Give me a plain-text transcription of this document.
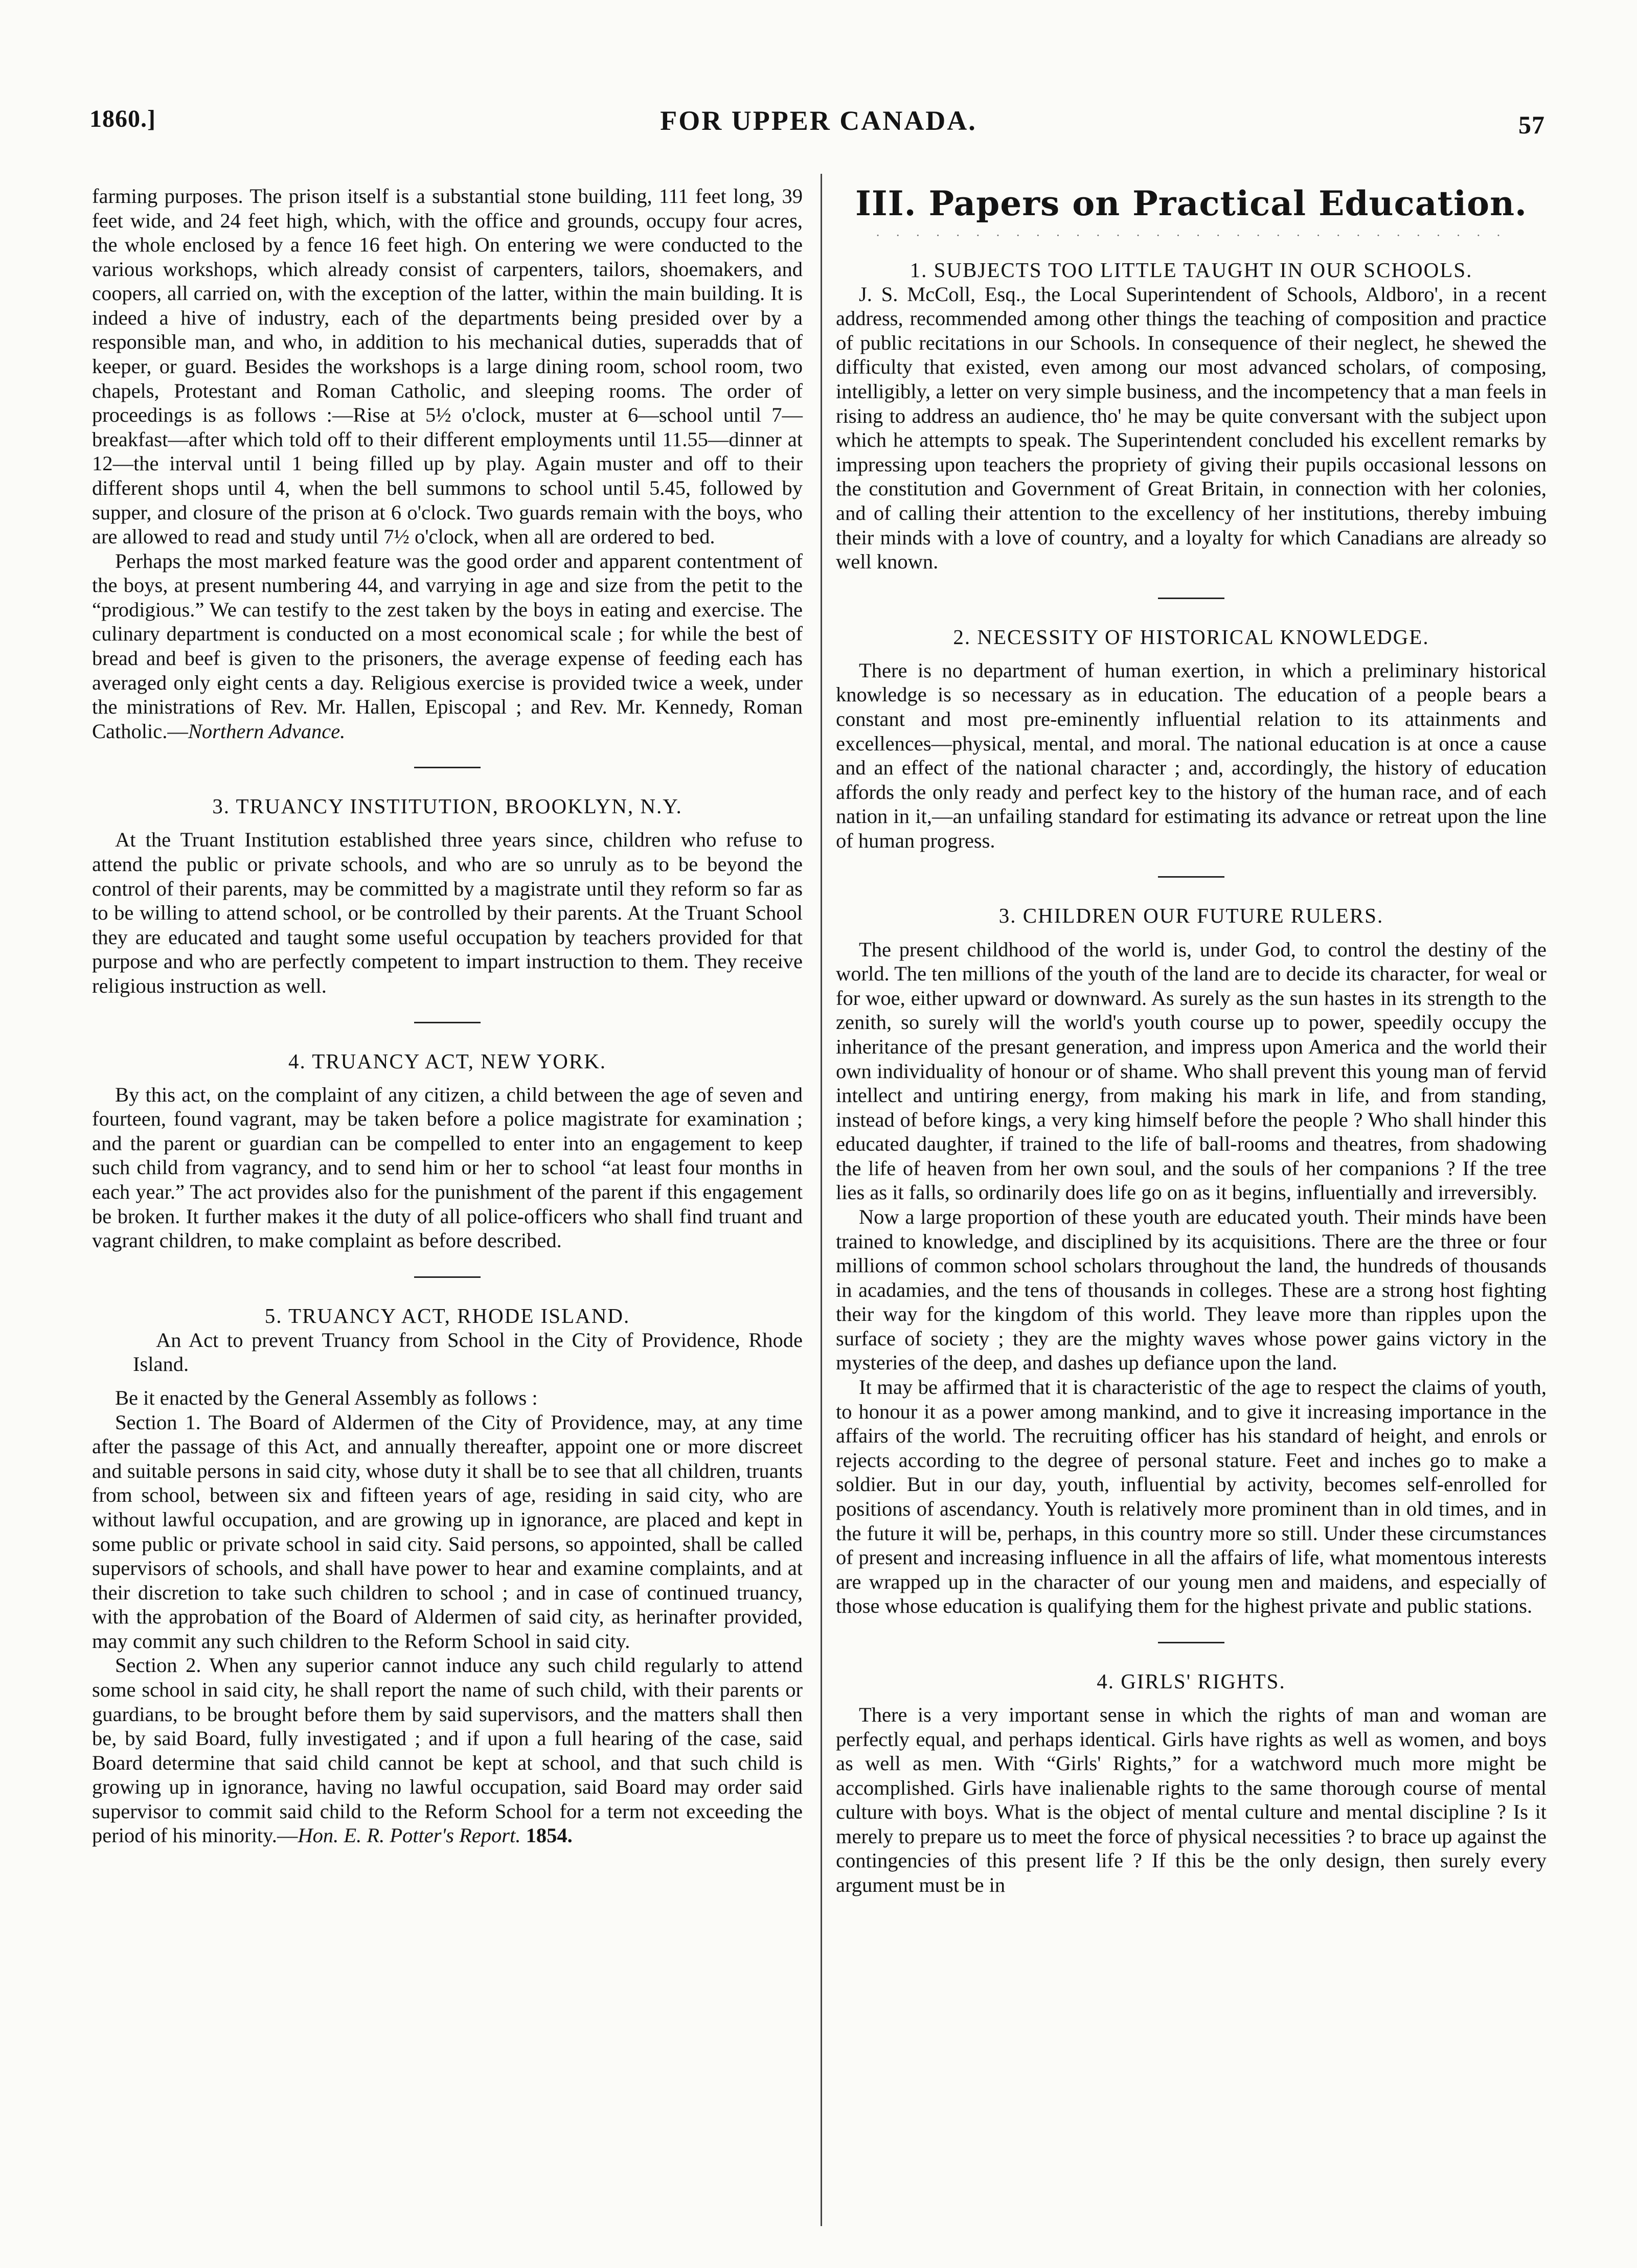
1860.]	FOR UPPER CANADA.	57

farming purposes. The prison itself is a substantial stone building, 111 feet long, 39 feet wide, and 24 feet high, which, with the office and grounds, occupy four acres, the whole enclosed by a fence 16 feet high. On entering we were conducted to the various workshops, which already consist of carpenters, tailors, shoemakers, and coopers, all carried on, with the exception of the latter, within the main building. It is indeed a hive of industry, each of the departments being presided over by a responsible man, and who, in addition to his mechanical duties, superadds that of keeper, or guard. Besides the workshops is a large dining room, school room, two chapels, Protestant and Roman Catholic, and sleeping rooms. The order of proceedings is as follows :—Rise at 5½ o'clock, muster at 6—school until 7—breakfast—after which told off to their different employments until 11.55—dinner at 12—the interval until 1 being filled up by play. Again muster and off to their different shops until 4, when the bell summons to school until 5.45, followed by supper, and closure of the prison at 6 o'clock. Two guards remain with the boys, who are allowed to read and study until 7½ o'clock, when all are ordered to bed.

Perhaps the most marked feature was the good order and apparent contentment of the boys, at present numbering 44, and varrying in age and size from the petit to the “prodigious.” We can testify to the zest taken by the boys in eating and exercise. The culinary department is conducted on a most economical scale ; for while the best of bread and beef is given to the prisoners, the average expense of feeding each has averaged only eight cents a day. Religious exercise is provided twice a week, under the ministrations of Rev. Mr. Hallen, Episcopal ; and Rev. Mr. Kennedy, Roman Catholic.—Northern Advance.

3. TRUANCY INSTITUTION, BROOKLYN, N.Y.

At the Truant Institution established three years since, children who refuse to attend the public or private schools, and who are so unruly as to be beyond the control of their parents, may be committed by a magistrate until they reform so far as to be willing to attend school, or be controlled by their parents. At the Truant School they are educated and taught some useful occupation by teachers provided for that purpose and who are perfectly competent to impart instruction to them. They receive religious instruction as well.

4. TRUANCY ACT, NEW YORK.

By this act, on the complaint of any citizen, a child between the age of seven and fourteen, found vagrant, may be taken before a police magistrate for examination ; and the parent or guardian can be compelled to enter into an engagement to keep such child from vagrancy, and to send him or her to school “at least four months in each year.” The act provides also for the punishment of the parent if this engagement be broken. It further makes it the duty of all police-officers who shall find truant and vagrant children, to make complaint as before described.

5. TRUANCY ACT, RHODE ISLAND.

An Act to prevent Truancy from School in the City of Providence, Rhode Island.

Be it enacted by the General Assembly as follows :

Section 1. The Board of Aldermen of the City of Providence, may, at any time after the passage of this Act, and annually thereafter, appoint one or more discreet and suitable persons in said city, whose duty it shall be to see that all children, truants from school, between six and fifteen years of age, residing in said city, who are without lawful occupation, and are growing up in ignorance, are placed and kept in some public or private school in said city. Said persons, so appointed, shall be called supervisors of schools, and shall have power to hear and examine complaints, and at their discretion to take such children to school ; and in case of continued truancy, with the approbation of the Board of Aldermen of said city, as herinafter provided, may commit any such children to the Reform School in said city.

Section 2. When any superior cannot induce any such child regularly to attend some school in said city, he shall report the name of such child, with their parents or guardians, to be brought before them by said supervisors, and the matters shall then be, by said Board, fully investigated ; and if upon a full hearing of the case, said Board determine that said child cannot be kept at school, and that such child is growing up in ignorance, having no lawful occupation, said Board may order said supervisor to commit said child to the Reform School for a term not exceeding the period of his minority.—Hon. E. R. Potter's Report. 1854.

III. Papers on Practical Education.
· · · · · · · · · · · · · · · · · · · · · · · · · · · · · · · ·
1. SUBJECTS TOO LITTLE TAUGHT IN OUR SCHOOLS.

J. S. McColl, Esq., the Local Superintendent of Schools, Aldboro', in a recent address, recommended among other things the teaching of composition and practice of public recitations in our Schools. In consequence of their neglect, he shewed the difficulty that existed, even among our most advanced scholars, of composing, intelligibly, a letter on very simple business, and the incompetency that a man feels in rising to address an audience, tho' he may be quite conversant with the subject upon which he attempts to speak. The Superintendent concluded his excellent remarks by impressing upon teachers the propriety of giving their pupils occasional lessons on the constitution and Government of Great Britain, in connection with her colonies, and of calling their attention to the excellency of her institutions, thereby imbuing their minds with a love of country, and a loyalty for which Canadians are already so well known.

2. NECESSITY OF HISTORICAL KNOWLEDGE.

There is no department of human exertion, in which a preliminary historical knowledge is so necessary as in education. The education of a people bears a constant and most pre-eminently influential relation to its attainments and excellences—physical, mental, and moral. The national education is at once a cause and an effect of the national character ; and, accordingly, the history of education affords the only ready and perfect key to the history of the human race, and of each nation in it,—an unfailing standard for estimating its advance or retreat upon the line of human progress.

3. CHILDREN OUR FUTURE RULERS.

The present childhood of the world is, under God, to control the destiny of the world. The ten millions of the youth of the land are to decide its character, for weal or for woe, either upward or downward. As surely as the sun hastes in its strength to the zenith, so surely will the world's youth course up to power, speedily occupy the inheritance of the presant generation, and impress upon America and the world their own individuality of honour or of shame. Who shall prevent this young man of fervid intellect and untiring energy, from making his mark in life, and from standing, instead of before kings, a very king himself before the people ? Who shall hinder this educated daughter, if trained to the life of ball-rooms and theatres, from shadowing the life of heaven from her own soul, and the souls of her companions ? If the tree lies as it falls, so ordinarily does life go on as it begins, influentially and irreversibly.

Now a large proportion of these youth are educated youth. Their minds have been trained to knowledge, and disciplined by its acquisitions. There are the three or four millions of common school scholars throughout the land, the hundreds of thousands in acadamies, and the tens of thousands in colleges. These are a strong host fighting their way for the kingdom of this world. They leave more than ripples upon the surface of society ; they are the mighty waves whose power gains victory in the mysteries of the deep, and dashes up defiance upon the land.

It may be affirmed that it is characteristic of the age to respect the claims of youth, to honour it as a power among mankind, and to give it increasing importance in the affairs of the world. The recruiting officer has his standard of height, and enrols or rejects according to the degree of personal stature. Feet and inches go to make a soldier. But in our day, youth, influential by activity, becomes self-enrolled for positions of ascendancy. Youth is relatively more prominent than in old times, and in the future it will be, perhaps, in this country more so still. Under these circumstances of present and increasing influence in all the affairs of life, what momentous interests are wrapped up in the character of our young men and maidens, and especially of those whose education is qualifying them for the highest private and public stations.

4. GIRLS' RIGHTS.

There is a very important sense in which the rights of man and woman are perfectly equal, and perhaps identical. Girls have rights as well as women, and boys as well as men. With “Girls' Rights,” for a watchword much more might be accomplished. Girls have inalienable rights to the same thorough course of mental culture with boys. What is the object of mental culture and mental discipline ? Is it merely to prepare us to meet the force of physical necessities ? to brace up against the contingencies of this present life ? If this be the only design, then surely every argument must be in
